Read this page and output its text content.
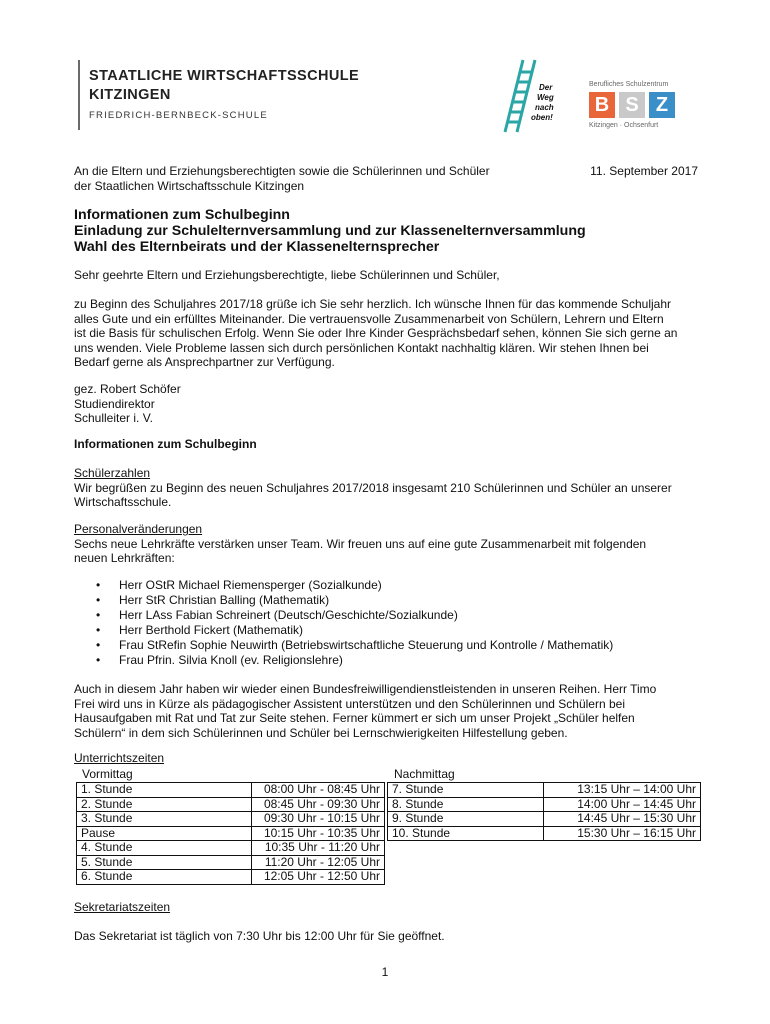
STAATLICHE WIRTSCHAFTSSCHULE
KITZINGEN
FRIEDRICH-BERNBECK-SCHULE
Der
Weg
nach
oben!
Berufliches Schulzentrum
B S Z
Kitzingen · Ochsenfurt
An die Eltern und Erziehungsberechtigten sowie die Schülerinnen und Schüler
der Staatlichen Wirtschaftsschule Kitzingen
11. September 2017
Informationen zum Schulbeginn
Einladung zur Schulelternversammlung und zur Klassenelternversammlung
Wahl des Elternbeirats und der Klassenelternsprecher
Sehr geehrte Eltern und Erziehungsberechtigte, liebe Schülerinnen und Schüler,
zu Beginn des Schuljahres 2017/18 grüße ich Sie sehr herzlich. Ich wünsche Ihnen für das kommende Schuljahr
alles Gute und ein erfülltes Miteinander. Die vertrauensvolle Zusammenarbeit von Schülern, Lehrern und Eltern
ist die Basis für schulischen Erfolg. Wenn Sie oder Ihre Kinder Gesprächsbedarf sehen, können Sie sich gerne an
uns wenden. Viele Probleme lassen sich durch persönlichen Kontakt nachhaltig klären. Wir stehen Ihnen bei
Bedarf gerne als Ansprechpartner zur Verfügung.
gez. Robert Schöfer
Studiendirektor
Schulleiter i. V.
Informationen zum Schulbeginn
Schülerzahlen
Wir begrüßen zu Beginn des neuen Schuljahres 2017/2018 insgesamt 210 Schülerinnen und Schüler an unserer
Wirtschaftsschule.
Personalveränderungen
Sechs neue Lehrkräfte verstärken unser Team. Wir freuen uns auf eine gute Zusammenarbeit mit folgenden
neuen Lehrkräften:
• Herr OStR Michael Riemensperger (Sozialkunde)
• Herr StR Christian Balling (Mathematik)
• Herr LAss Fabian Schreinert (Deutsch/Geschichte/Sozialkunde)
• Herr Berthold Fickert (Mathematik)
• Frau StRefin Sophie Neuwirth (Betriebswirtschaftliche Steuerung und Kontrolle / Mathematik)
• Frau Pfrin. Silvia Knoll (ev. Religionslehre)
Auch in diesem Jahr haben wir wieder einen Bundesfreiwilligendienstleistenden in unseren Reihen. Herr Timo
Frei wird uns in Kürze als pädagogischer Assistent unterstützen und den Schülerinnen und Schülern bei
Hausaufgaben mit Rat und Tat zur Seite stehen. Ferner kümmert er sich um unser Projekt „Schüler helfen
Schülern“ in dem sich Schülerinnen und Schüler bei Lernschwierigkeiten Hilfestellung geben.
Unterrichtszeiten
Vormittag	Nachmittag
1. Stunde	08:00 Uhr - 08:45 Uhr
2. Stunde	08:45 Uhr - 09:30 Uhr
3. Stunde	09:30 Uhr - 10:15 Uhr
Pause	10:15 Uhr - 10:35 Uhr
4. Stunde	10:35 Uhr - 11:20 Uhr
5. Stunde	11:20 Uhr - 12:05 Uhr
6. Stunde	12:05 Uhr - 12:50 Uhr
7. Stunde	13:15 Uhr – 14:00 Uhr
8. Stunde	14:00 Uhr – 14:45 Uhr
9. Stunde	14:45 Uhr – 15:30 Uhr
10. Stunde	15:30 Uhr – 16:15 Uhr
Sekretariatszeiten
Das Sekretariat ist täglich von 7:30 Uhr bis 12:00 Uhr für Sie geöffnet.
1
